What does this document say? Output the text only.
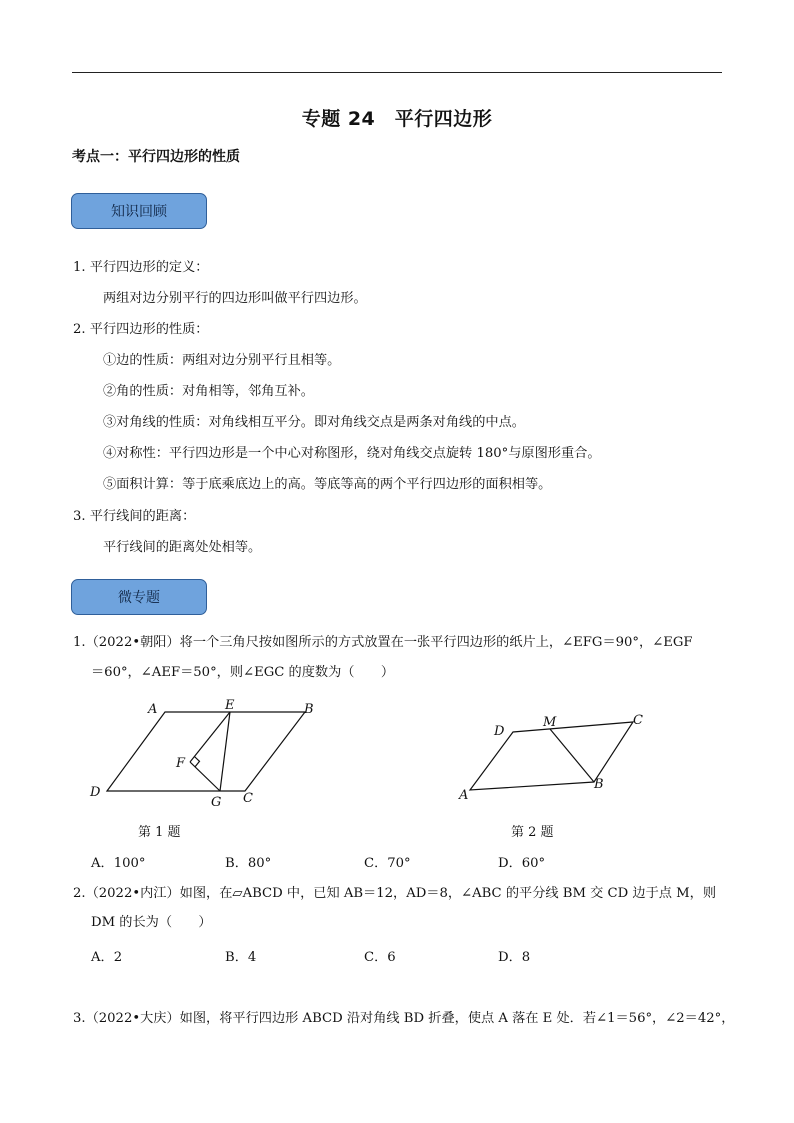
专题 24　平行四边形
考点一：平行四边形的性质
知识回顾
1. 平行四边形的定义：
两组对边分别平行的四边形叫做平行四边形。
2. 平行四边形的性质：
①边的性质：两组对边分别平行且相等。
②角的性质：对角相等，邻角互补。
③对角线的性质：对角线相互平分。即对角线交点是两条对角线的中点。
④对称性：平行四边形是一个中心对称图形，绕对角线交点旋转 180°与原图形重合。
⑤面积计算：等于底乘底边上的高。等底等高的两个平行四边形的面积相等。
3. 平行线间的距离：
平行线间的距离处处相等。
微专题
1.（2022•朝阳）将一个三角尺按如图所示的方式放置在一张平行四边形的纸片上，∠EFG＝90°，∠EGF
＝60°，∠AEF＝50°，则∠EGC 的度数为（　　）
A	E	B
F
D
G C
第 1 题
D
M	C
A
B
第 2 题
A．100°	B．80°	C．70°	D．60°
2.（2022•内江）如图，在▱ABCD 中，已知 AB＝12，AD＝8，∠ABC 的平分线 BM 交 CD 边于点 M，则
DM 的长为（　　）
A．2	B．4	C．6	D．8
3.（2022•大庆）如图，将平行四边形 ABCD 沿对角线 BD 折叠，使点 A 落在 E 处．若∠1＝56°，∠2＝42°，
